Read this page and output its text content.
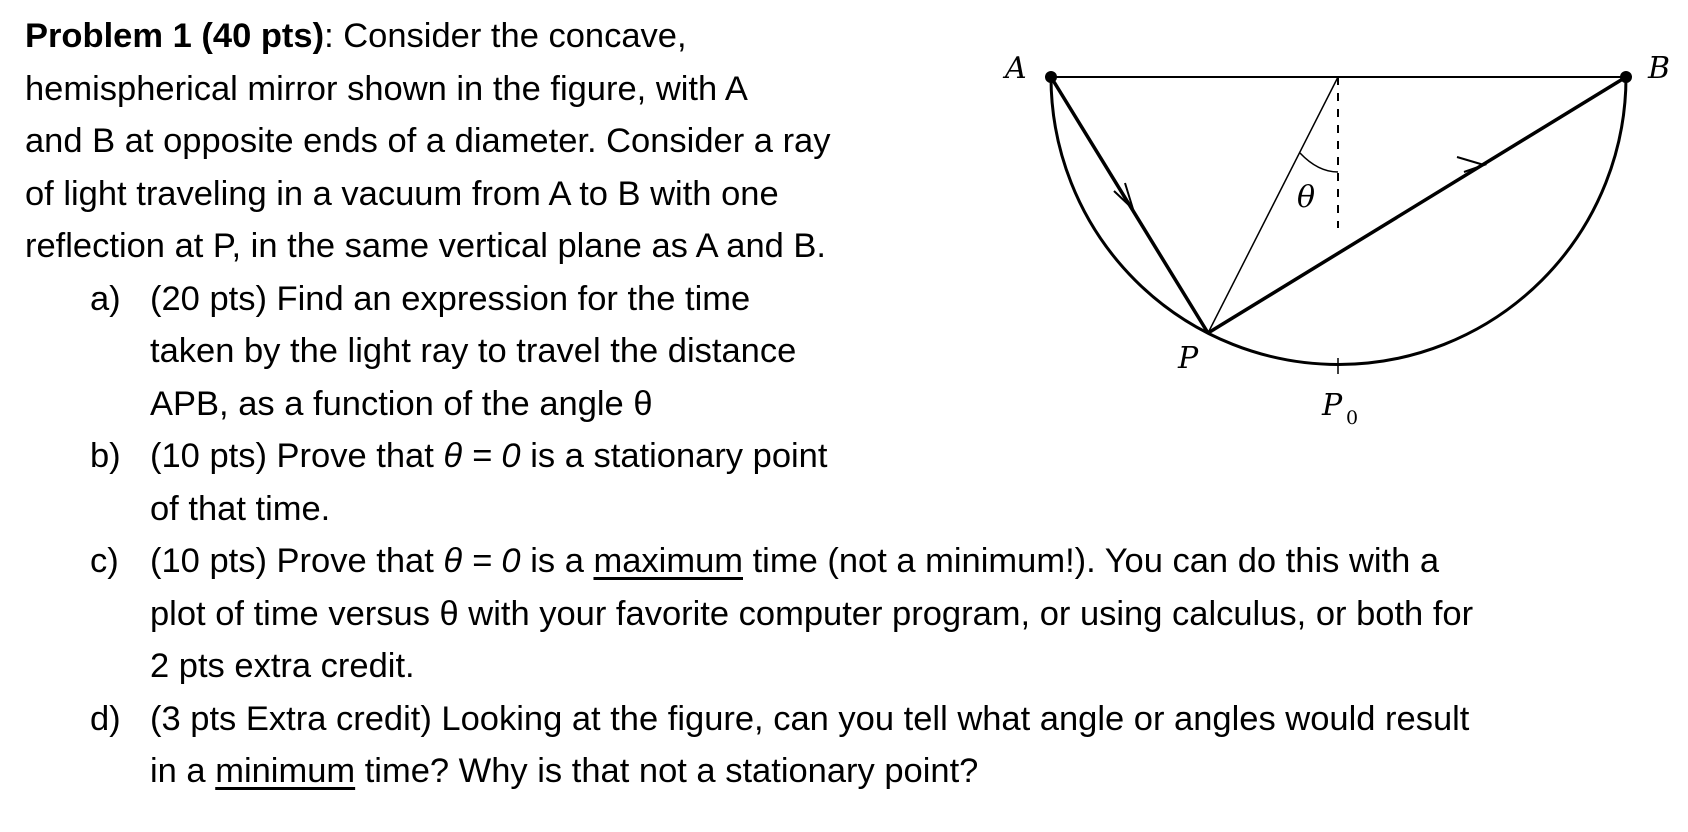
Problem 1 (40 pts): Consider the concave,
hemispherical mirror shown in the figure, with A
and B at opposite ends of a diameter. Consider a ray
of light traveling in a vacuum from A to B with one
reflection at P, in the same vertical plane as A and B.
a) (20 pts) Find an expression for the time
taken by the light ray to travel the distance
APB, as a function of the angle θ
b) (10 pts) Prove that θ = 0 is a stationary point
of that time.
c) (10 pts) Prove that θ = 0 is a maximum time (not a minimum!). You can do this with a
plot of time versus θ with your favorite computer program, or using calculus, or both for
2 pts extra credit.
d) (3 pts Extra credit) Looking at the figure, can you tell what angle or angles would result
in a minimum time? Why is that not a stationary point?
A	B
P
P 0
θ
